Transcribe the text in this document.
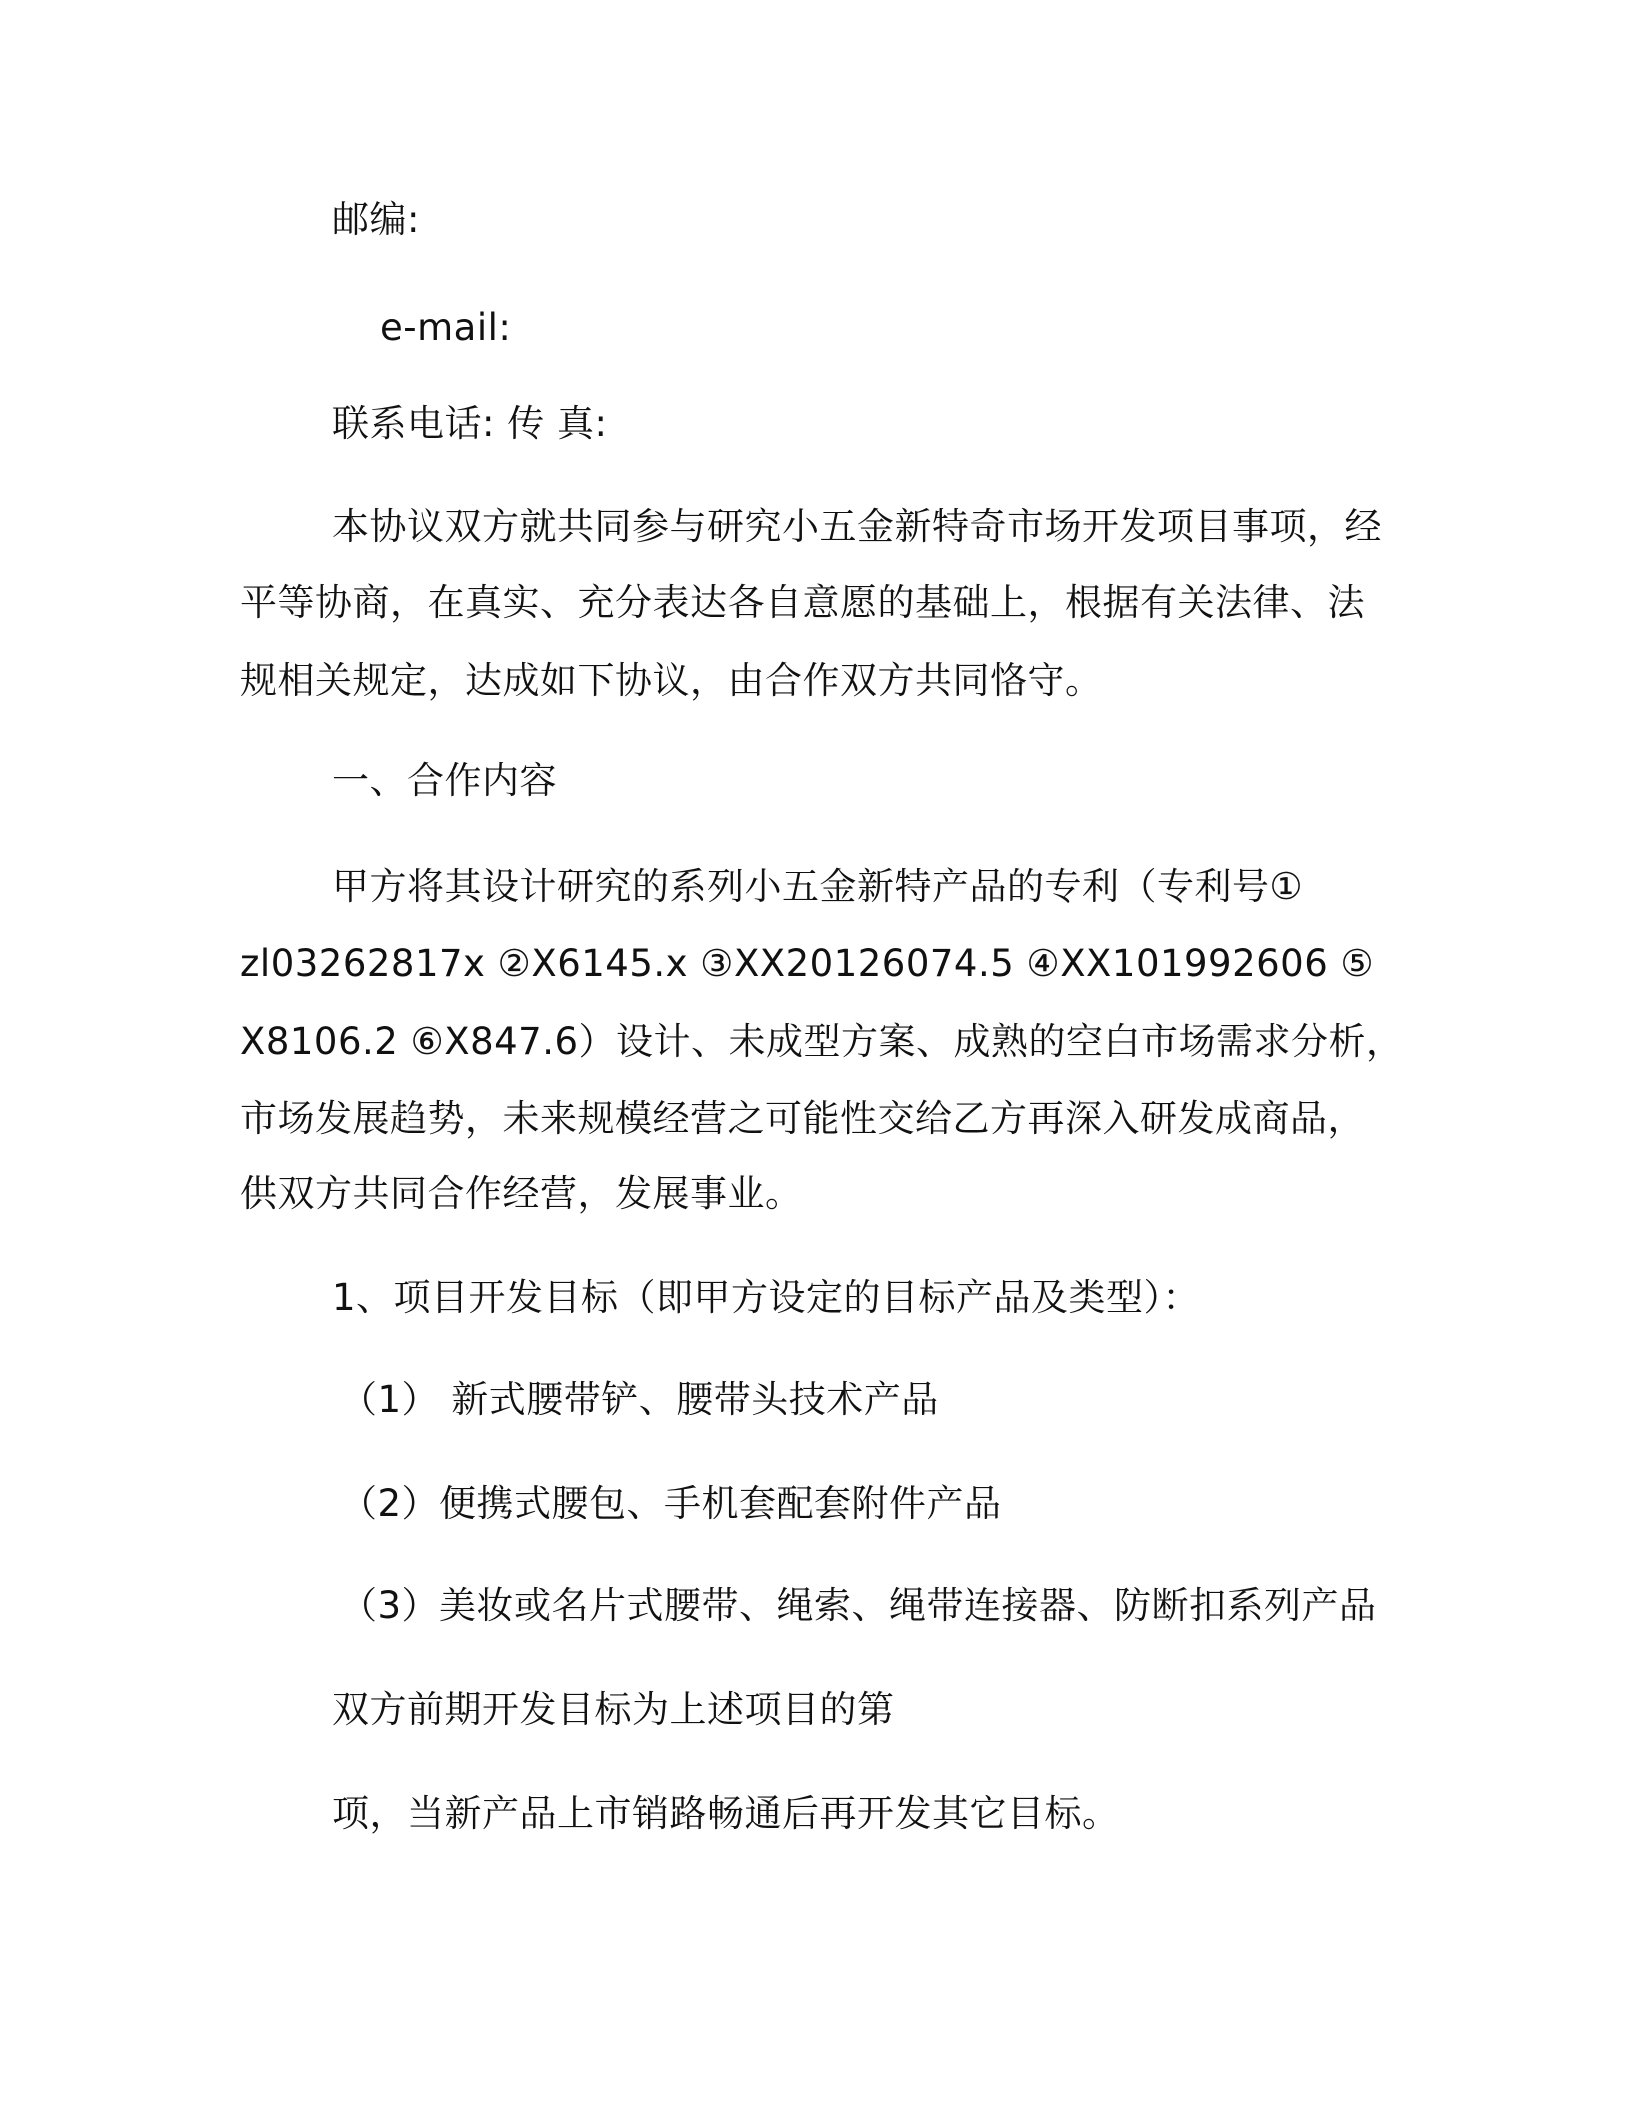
邮编:
e-mail:
联系电话: 传 真:
本协议双方就共同参与研究小五金新特奇市场开发项目事项，经
平等协商，在真实、充分表达各自意愿的基础上，根据有关法律、法
规相关规定，达成如下协议，由合作双方共同恪守。
一、合作内容
甲方将其设计研究的系列小五金新特产品的专利（专利号①
zl03262817x ②X6145.x ③XX20126074.5 ④XX101992606 ⑤
X8106.2 ⑥X847.6）设计、未成型方案、成熟的空白市场需求分析，
市场发展趋势，未来规模经营之可能性交给乙方再深入研发成商品，
供双方共同合作经营，发展事业。
1、项目开发目标（即甲方设定的目标产品及类型）：
（1） 新式腰带铲、腰带头技术产品
（2）便携式腰包、手机套配套附件产品
（3）美妆或名片式腰带、绳索、绳带连接器、防断扣系列产品
双方前期开发目标为上述项目的第
项，当新产品上市销路畅通后再开发其它目标。
